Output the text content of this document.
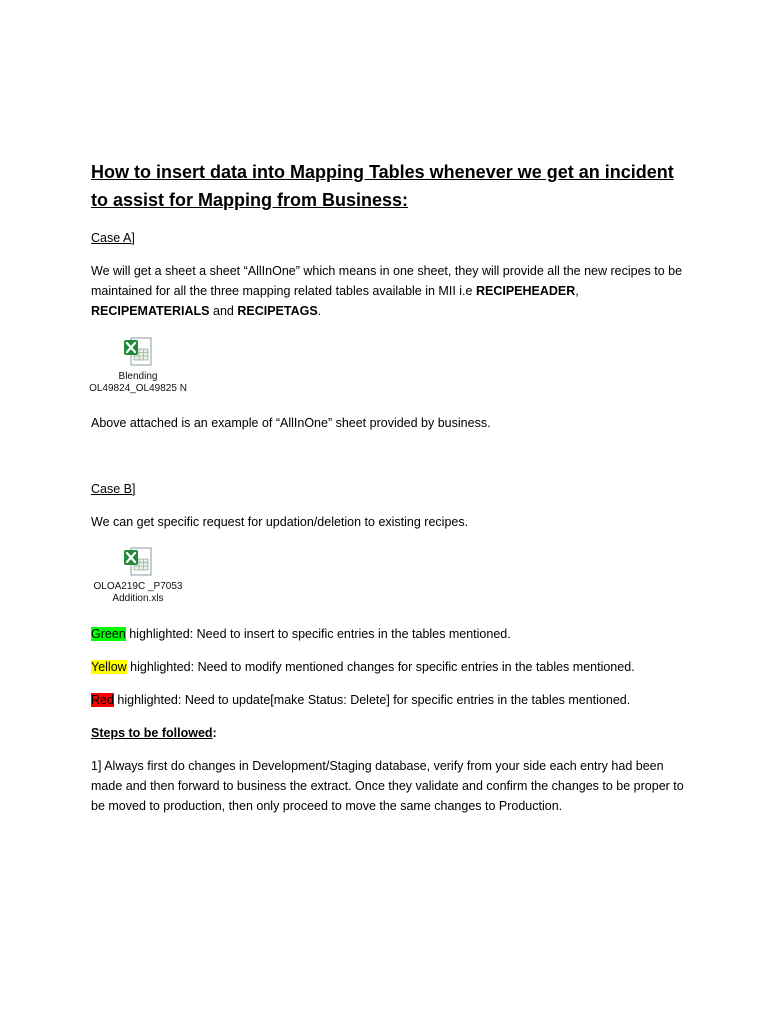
How to insert data into Mapping Tables whenever we get an incident to assist for Mapping from Business:
Case A]
We will get a sheet a sheet “AllInOne” which means in one sheet, they will provide all the new recipes to be maintained for all the three mapping related tables available in MII i.e RECIPEHEADER, RECIPEMATERIALS and RECIPETAGS.
Blending
OL49824_OL49825 N
Above attached is an example of “AllInOne” sheet provided by business.
Case B]
We can get specific request for updation/deletion to existing recipes.
OLOA219C _P7053
Addition.xls
Green highlighted: Need to insert to specific entries in the tables mentioned.
Yellow highlighted: Need to modify mentioned changes for specific entries in the tables mentioned.
Red highlighted: Need to update[make Status: Delete] for specific entries in the tables mentioned.
Steps to be followed:
1] Always first do changes in Development/Staging database, verify from your side each entry had been made and then forward to business the extract. Once they validate and confirm the changes to be proper to be moved to production, then only proceed to move the same changes to Production.
